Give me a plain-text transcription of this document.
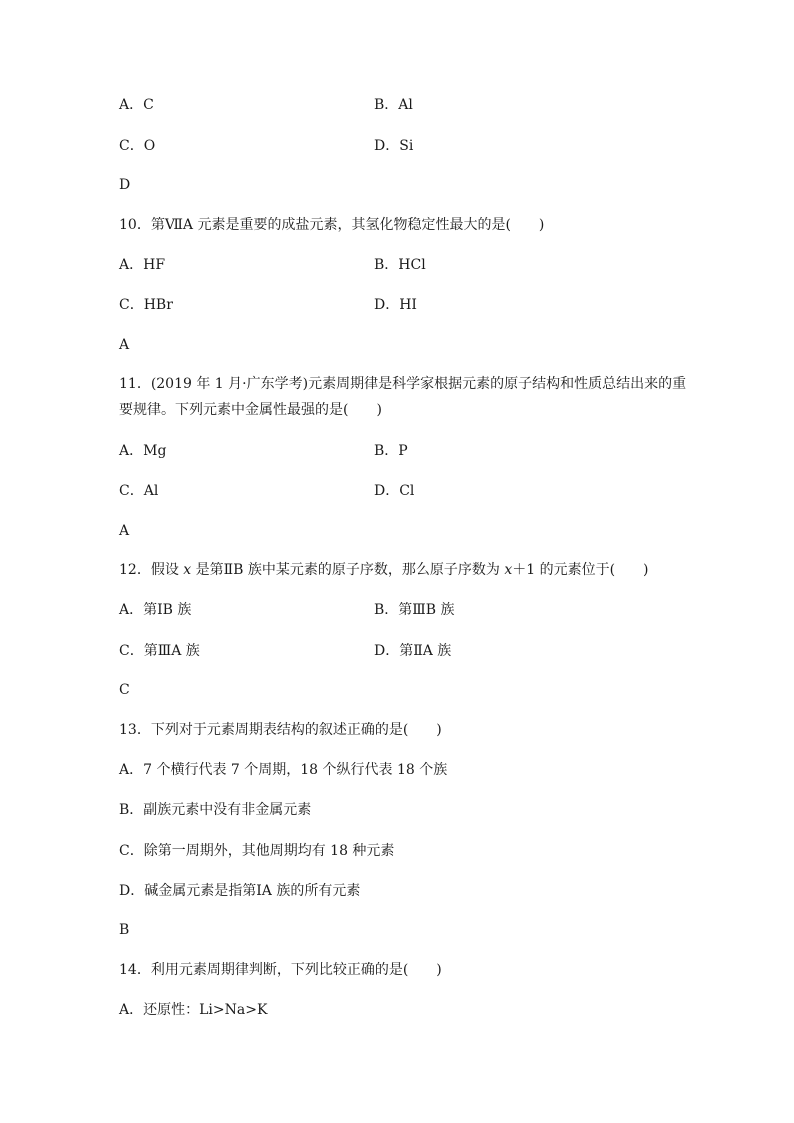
A．C	B．Al
C．O	D．Si
D
10．第ⅦA 元素是重要的成盐元素，其氢化物稳定性最大的是(　　)
A．HF	B．HCl
C．HBr	D．HI
A
11．(2019 年 1 月·广东学考)元素周期律是科学家根据元素的原子结构和性质总结出来的重
要规律。下列元素中金属性最强的是(　　)
A．Mg	B．P
C．Al	D．Cl
A
12．假设 x 是第ⅡB 族中某元素的原子序数，那么原子序数为 x＋1 的元素位于(　　)
A．第ⅠB 族	B．第ⅢB 族
C．第ⅢA 族	D．第ⅡA 族
C
13．下列对于元素周期表结构的叙述正确的是(　　)
A．7 个横行代表 7 个周期，18 个纵行代表 18 个族
B．副族元素中没有非金属元素
C．除第一周期外，其他周期均有 18 种元素
D．碱金属元素是指第ⅠA 族的所有元素
B
14．利用元素周期律判断，下列比较正确的是(　　)
A．还原性：Li>Na>K
